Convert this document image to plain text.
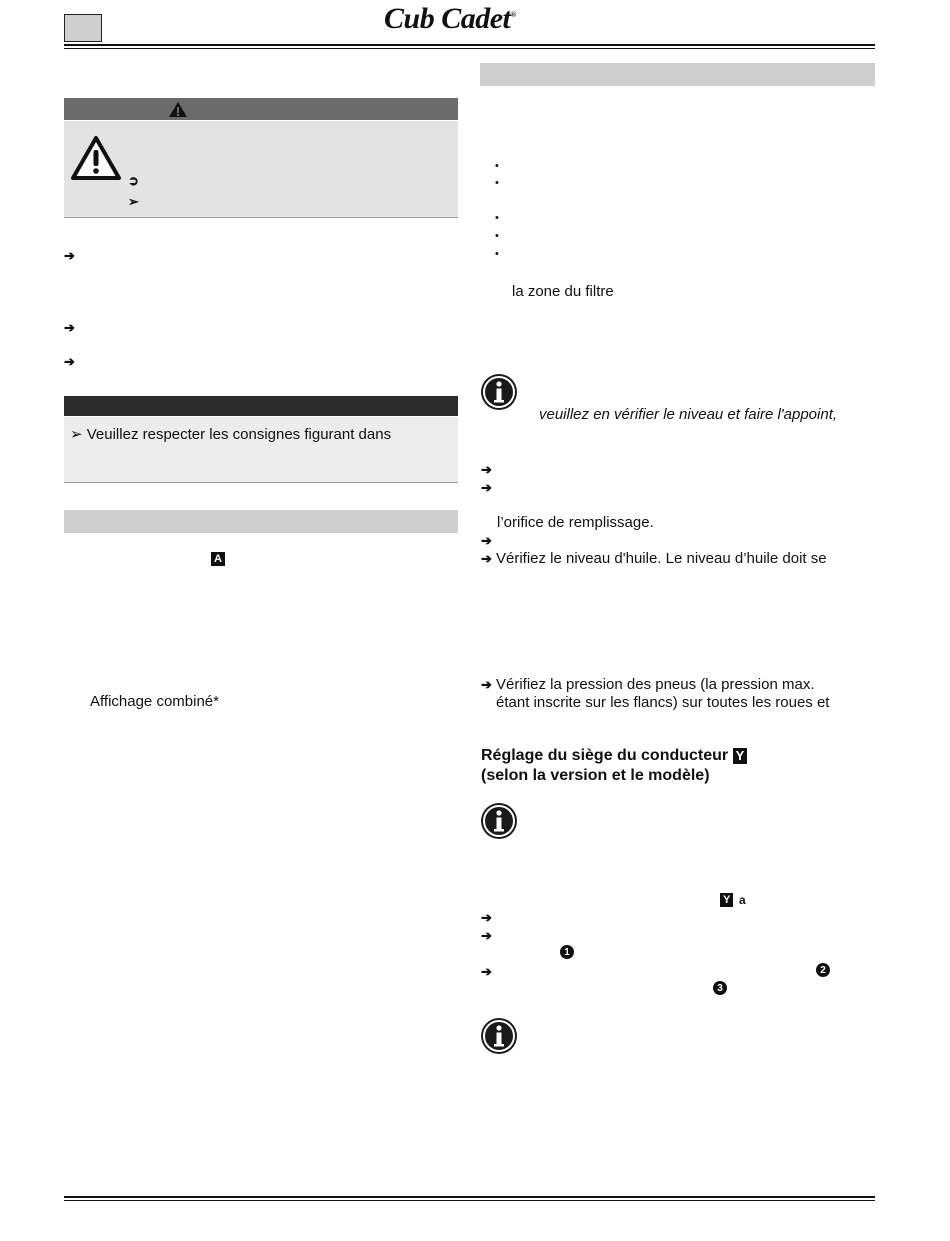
Cub Cadet®
➲
➢
➔
➔
➔
➢ Veuillez respecter les consignes figurant dans
A
Affichage combiné*
•
•
•
•
•
la zone du filtre
veuillez en vérifier le niveau et faire l'appoint,
➔
➔
l’orifice de remplissage.
➔
➔ Vérifiez le niveau d'huile. Le niveau d’huile doit se
➔ Vérifiez la pression des pneus (la pression max.
étant inscrite sur les flancs) sur toutes les roues et
Réglage du siège du conducteur Y
(selon la version et le modèle)
Y a
➔
➔
1
➔	2
3
